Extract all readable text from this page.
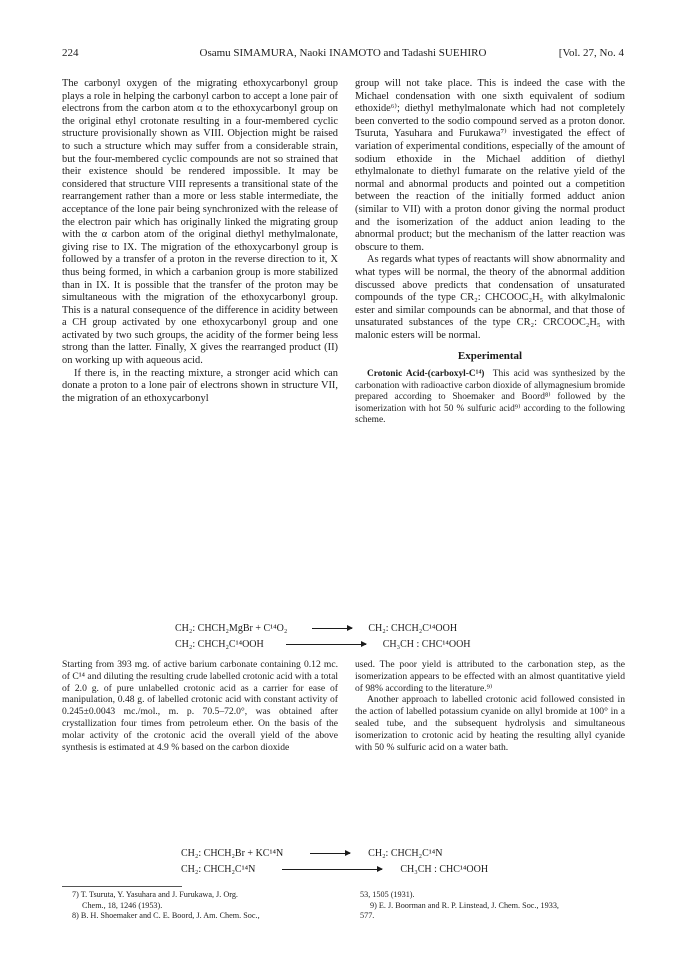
224	Osamu SIMAMURA, Naoki INAMOTO and Tadashi SUEHIRO	[Vol. 27, No. 4

The carbonyl oxygen of the migrating ethoxycarbonyl group plays a role in helping the carbonyl carbon to accept a lone pair of electrons from the carbon atom α to the ethoxycarbonyl group on the original ethyl crotonate resulting in a four-membered cyclic structure provisionally shown as VIII. Objection might be raised to such a structure which may suffer from a considerable strain, but the four-membered cyclic compounds are not so strained that their existence should be rendered impossible. It may be considered that structure VIII represents a transitional state of the rearrangement rather than a more or less stable intermediate, the acceptance of the lone pair being synchronized with the release of the electron pair which has originally linked the migrating group with the α carbon atom of the original diethyl methylmalonate, giving rise to IX. The migration of the ethoxycarbonyl group is followed by a transfer of a proton in the reverse direction to it, X thus being formed, in which a carbanion group is more stabilized than in IX. It is possible that the transfer of the proton may be simultaneous with the migration of the ethoxycarbonyl group. This is a natural consequence of the difference in acidity between a CH group activated by one ethoxycarbonyl group and one activated by two such groups, the acidity of the former being less strong than the latter. Finally, X gives the rearranged product (II) on working up with aqueous acid.

If there is, in the reacting mixture, a stronger acid which can donate a proton to a lone pair of electrons shown in structure VII, the migration of an ethoxycarbonyl

group will not take place. This is indeed the case with the Michael condensation with one sixth equivalent of sodium ethoxide⁶⁾; diethyl methylmalonate which had not completely been converted to the sodio compound served as a proton donor. Tsuruta, Yasuhara and Furukawa⁷⁾ investigated the effect of variation of experimental conditions, especially of the amount of sodium ethoxide in the Michael addition of diethyl ethylmalonate to diethyl fumarate on the relative yield of the normal and abnormal products and pointed out a competition between the reaction of the initially formed adduct anion (similar to VII) with a proton donor giving the normal product and the isomerization of the adduct anion leading to the abnormal product; but the mechanism of the latter reaction was obscure to them.

As regards what types of reactants will show abnormality and what types will be normal, the theory of the abnormal addition discussed above predicts that condensation of unsaturated compounds of the type CR₂: CHCOOC₂H₅ with alkylmalonic ester and similar compounds can be abnormal, and that those of unsaturated substances of the type CR₂: CRCOOC₂H₅ with malonic esters will be normal.

Experimental

Crotonic Acid-(carboxyl-C¹⁴) This acid was synthesized by the carbonation with radioactive carbon dioxide of allymagnesium bromide prepared according to Shoemaker and Boord⁸⁾ followed by the isomerization with hot 50 % sulfuric acid⁹⁾ according to the following scheme.

CH₂: CHCH₂MgBr + C¹⁴O₂	CH₂: CHCH₂C¹⁴OOH
CH₂: CHCH₂C¹⁴OOH	CH₃CH : CHC¹⁴OOH

Starting from 393 mg. of active barium carbonate containing 0.12 mc. of C¹⁴ and diluting the resulting crude labelled crotonic acid with a total of 2.0 g. of pure unlabelled crotonic acid as a carrier for ease of manipulation, 0.48 g. of labelled crotonic acid with constant activity of 0.245±0.0043 mc./mol., m. p. 70.5–72.0°, was obtained after crystallization four times from petroleum ether. On the basis of the molar activity of the crotonic acid the overall yield of the above synthesis is estimated at 4.9 % based on the carbon dioxide

used. The poor yield is attributed to the carbonation step, as the isomerization appears to be effected with an almost quantitative yield of 98% according to the literature.⁹⁾

Another approach to labelled crotonic acid followed consisted in the action of labelled potassium cyanide on allyl bromide at 100° in a sealed tube, and the subsequent hydrolysis and simultaneous isomerization to crotonic acid by heating the resulting allyl cyanide with 50 % sulfuric acid on a water bath.

CH₂: CHCH₂Br + KC¹⁴N	CH₂: CHCH₂C¹⁴N
CH₂: CHCH₂C¹⁴N	CH₃CH : CHC¹⁴OOH

7) T. Tsuruta, Y. Yasuhara and J. Furukawa, J. Org.

Chem., 18, 1246 (1953).

8) B. H. Shoemaker and C. E. Boord, J. Am. Chem. Soc.,

53, 1505 (1931).

9) E. J. Boorman and R. P. Linstead, J. Chem. Soc., 1933,

577.
